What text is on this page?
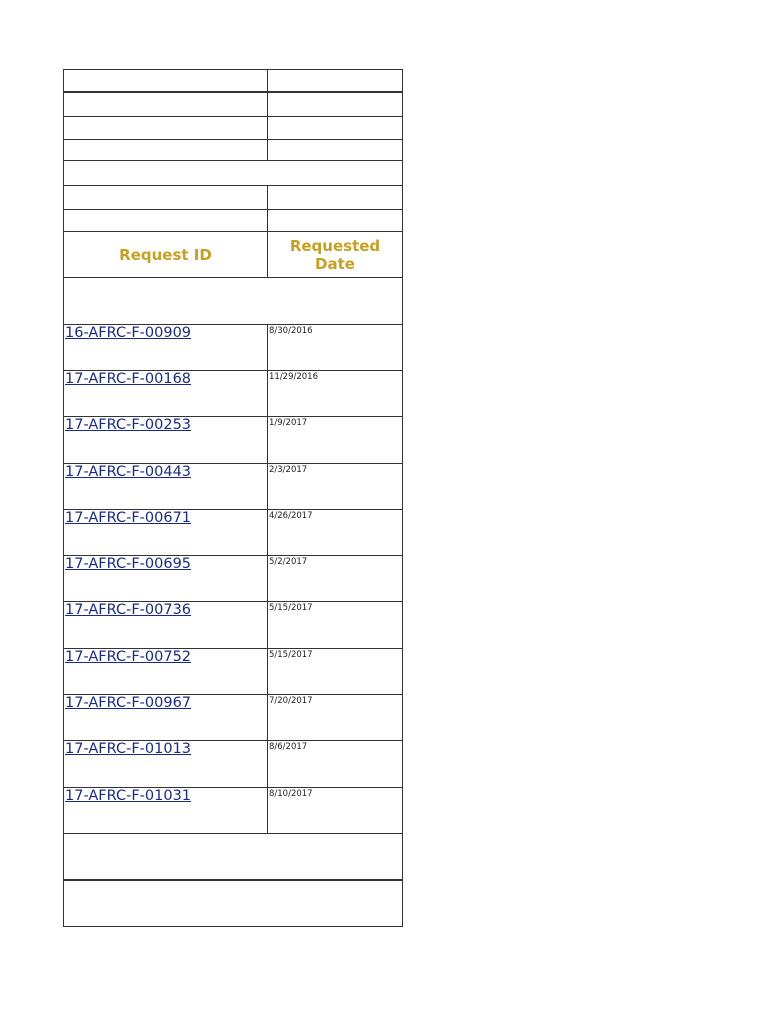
Request ID	Requested
Date
16-AFRC-F-00909	8/30/2016
17-AFRC-F-00168	11/29/2016
17-AFRC-F-00253	1/9/2017
17-AFRC-F-00443	2/3/2017
17-AFRC-F-00671	4/26/2017
17-AFRC-F-00695	5/2/2017
17-AFRC-F-00736	5/15/2017
17-AFRC-F-00752	5/15/2017
17-AFRC-F-00967	7/20/2017
17-AFRC-F-01013	8/6/2017
17-AFRC-F-01031	8/10/2017
